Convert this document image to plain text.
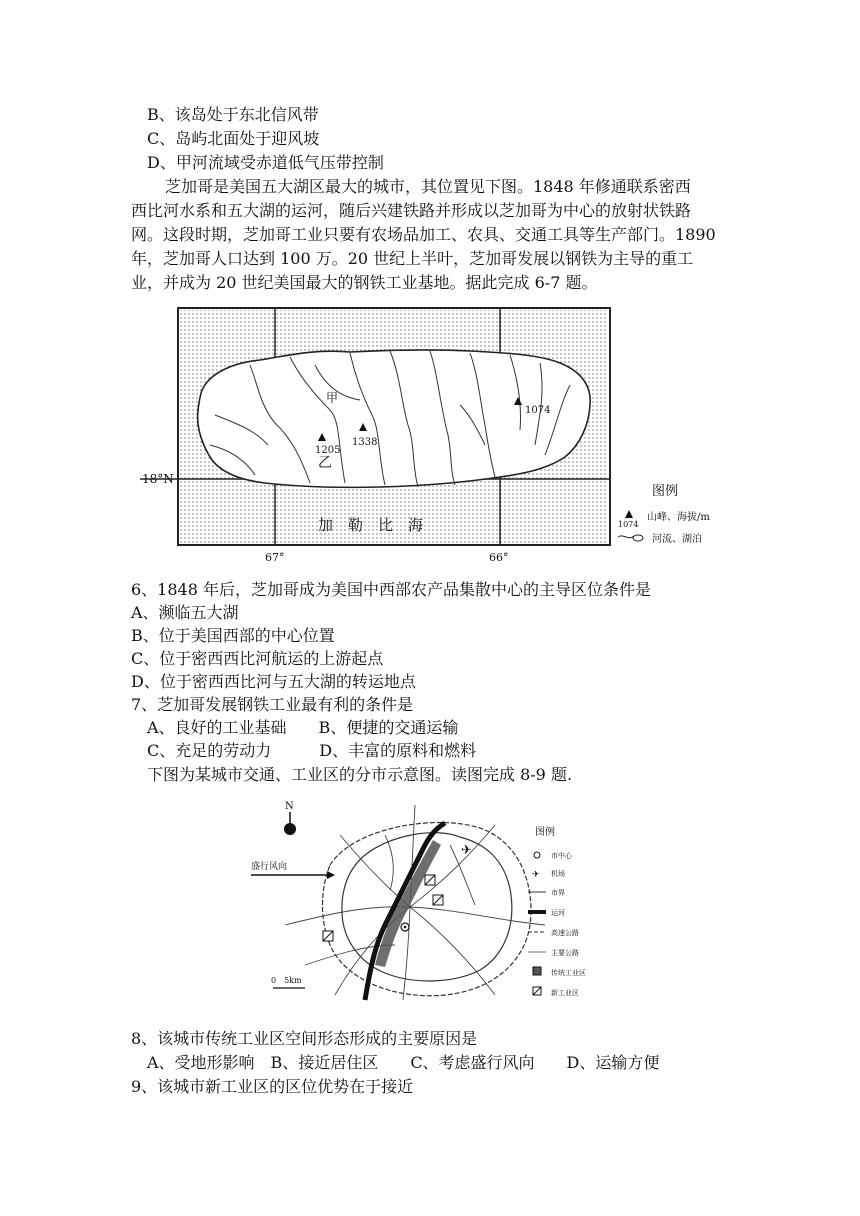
B、该岛处于东北信风带
C、岛屿北面处于迎风坡
D、甲河流域受赤道低气压带控制
芝加哥是美国五大湖区最大的城市，其位置见下图。1848 年修通联系密西
西比河水系和五大湖的运河，随后兴建铁路并形成以芝加哥为中心的放射状铁路
网。这段时期，芝加哥工业只要有农场品加工、农具、交通工具等生产部门。1890
年，芝加哥人口达到 100 万。20 世纪上半叶，芝加哥发展以钢铁为主导的重工
业，并成为 20 世纪美国最大的钢铁工业基地。据此完成 6-7 题。
1074
1338
1205
甲
乙
加　勒　比　海
18°N
67°	66°
图例
1074
山峰、海拔/m
河流、湖泊
6、1848 年后，芝加哥成为美国中西部农产品集散中心的主导区位条件是
A、濒临五大湖
B、位于美国西部的中心位置
C、位于密西西比河航运的上游起点
D、位于密西西比河与五大湖的转运地点
7、芝加哥发展钢铁工业最有利的条件是
A、良好的工业基础　　B、便捷的交通运输
C、充足的劳动力　　　D、丰富的原料和燃料
下图为某城市交通、工业区的分市示意图。读图完成 8-9 题.
N
盛行风向
✈
0　5km
图例
市中心
✈ 机场
市界
运河
高速公路
主要公路
传统工业区
新工业区
8、该城市传统工业区空间形态形成的主要原因是
A、受地形影响　B、接近居住区　　C、考虑盛行风向　　D、运输方便
9、该城市新工业区的区位优势在于接近
